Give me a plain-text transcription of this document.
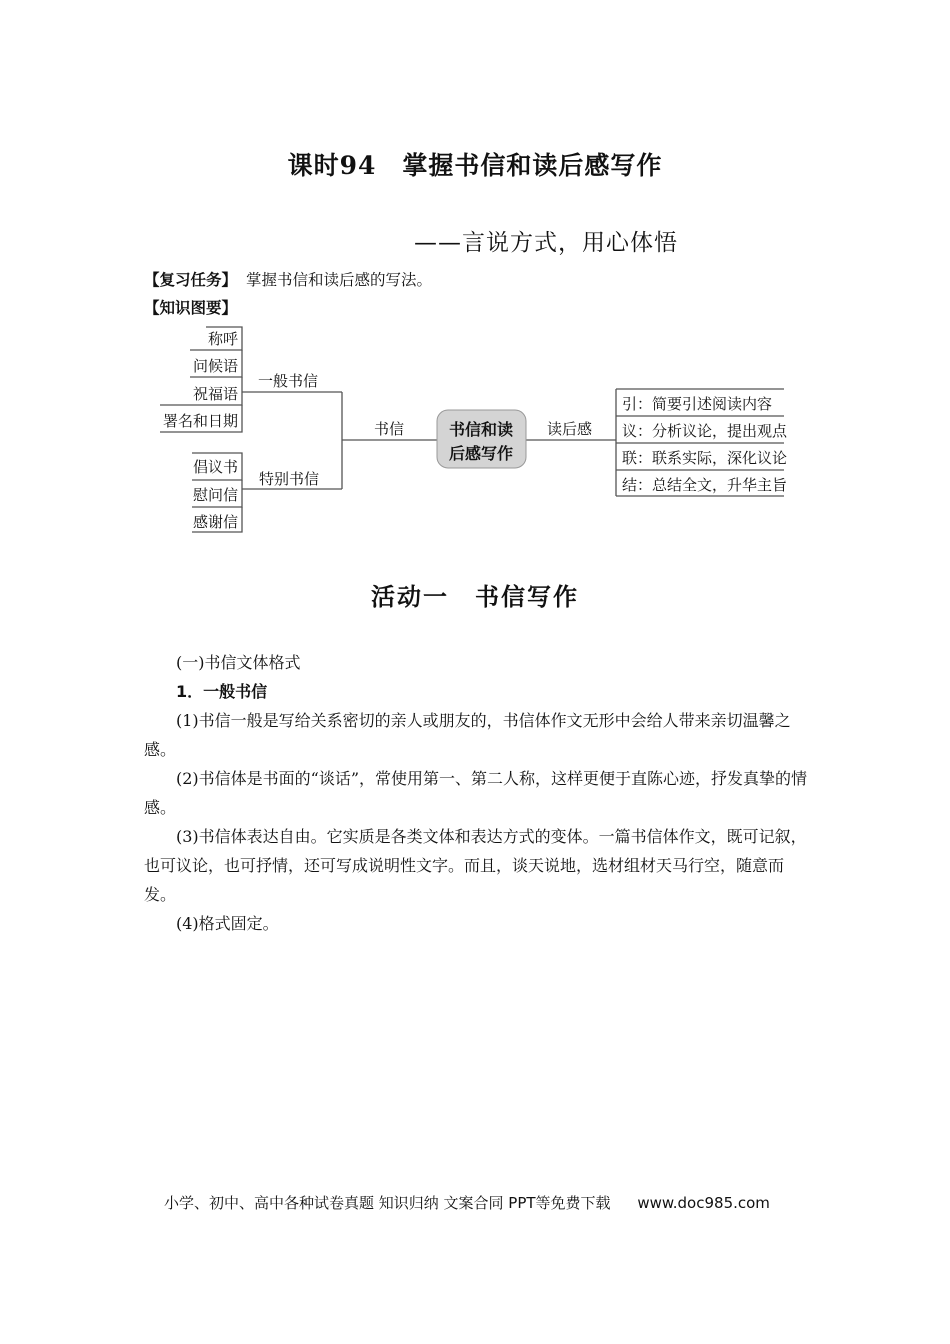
课时94　掌握书信和读后感写作
——言说方式，用心体悟
【复习任务】 掌握书信和读后感的写法。
【知识图要】
书信和读
后感写作
书信	读后感
一般书信
特别书信
称呼
问候语
祝福语
署名和日期
倡议书
慰问信
感谢信
引：简要引述阅读内容
议：分析议论，提出观点
联：联系实际，深化议论
结：总结全文，升华主旨
活动一　书信写作

(一)书信文体格式

1．一般书信

(1)书信一般是写给关系密切的亲人或朋友的，书信体作文无形中会给人带来亲切温馨之感。

(2)书信体是书面的“谈话”，常使用第一、第二人称，这样更便于直陈心迹，抒发真挚的情感。

(3)书信体表达自由。它实质是各类文体和表达方式的变体。一篇书信体作文，既可记叙，也可议论，也可抒情，还可写成说明性文字。而且，谈天说地，选材组材天马行空，随意而发。

(4)格式固定。

小学、初中、高中各种试卷真题 知识归纳 文案合同 PPT等免费下载 www.doc985.com
